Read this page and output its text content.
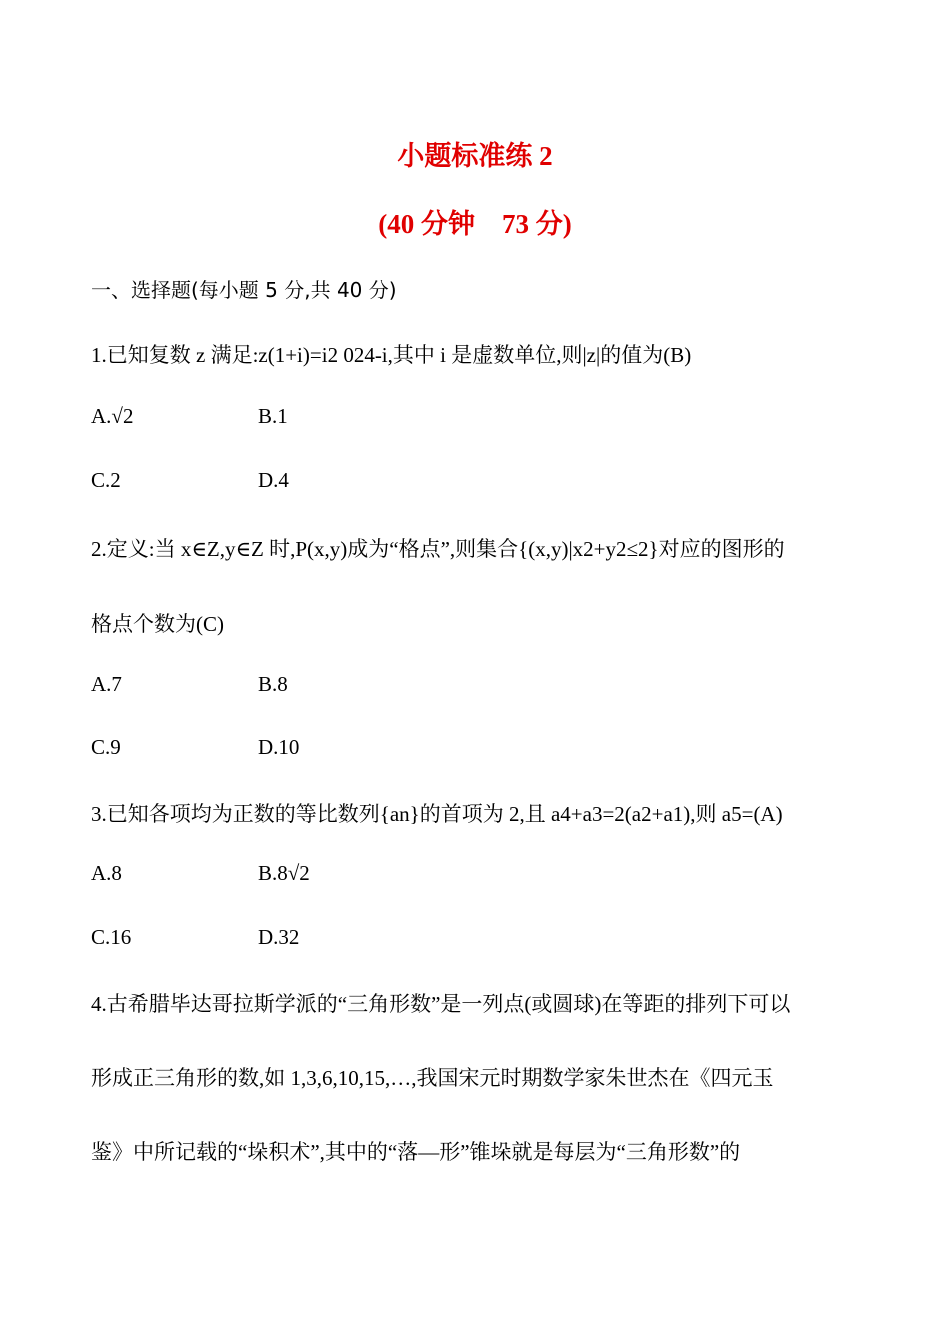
小题标准练 2
(40 分钟　73 分)
一、选择题(每小题 5 分,共 40 分)
1.已知复数 z 满足:z(1+i)=i2 024-i,其中 i 是虚数单位,则|z|的值为(B)
A.√2	B.1
C.2	D.4
2.定义:当 x∈Z,y∈Z 时,P(x,y)成为“格点”,则集合{(x,y)|x2+y2≤2}对应的图形的
格点个数为(C)
A.7	B.8
C.9	D.10
3.已知各项均为正数的等比数列{an}的首项为 2,且 a4+a3=2(a2+a1),则 a5=(A)
A.8	B.8√2
C.16	D.32
4.古希腊毕达哥拉斯学派的“三角形数”是一列点(或圆球)在等距的排列下可以
形成正三角形的数,如 1,3,6,10,15,…,我国宋元时期数学家朱世杰在《四元玉
鉴》中所记载的“垛积术”,其中的“落—形”锥垛就是每层为“三角形数”的
